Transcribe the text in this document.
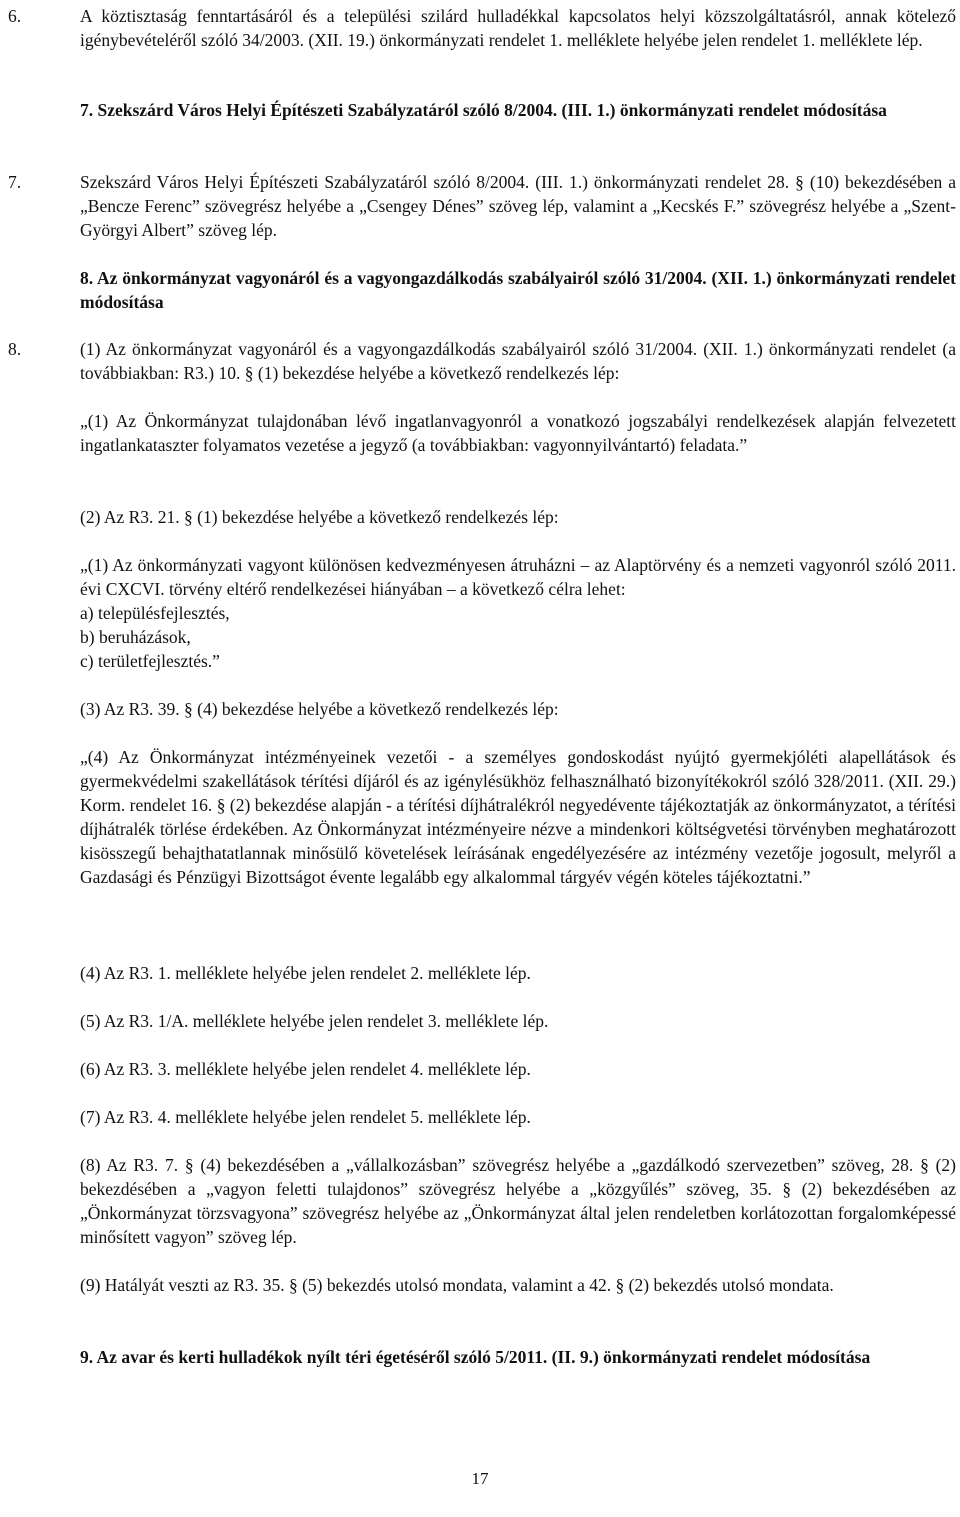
6.	A köztisztaság fenntartásáról és a települési szilárd hulladékkal kapcsolatos helyi közszolgáltatásról, annak kötelező igénybevételéről szóló 34/2003. (XII. 19.) önkormányzati rendelet 1. melléklete helyébe jelen rendelet 1. melléklete lép.

7. Szekszárd Város Helyi Építészeti Szabályzatáról szóló 8/2004. (III. 1.) önkormányzati rendelet módosítása

7.	Szekszárd Város Helyi Építészeti Szabályzatáról szóló 8/2004. (III. 1.) önkormányzati rendelet 28. § (10) bekezdésében a „Bencze Ferenc” szövegrész helyébe a „Csengey Dénes” szöveg lép, valamint a „Kecskés F.” szövegrész helyébe a „Szent-Györgyi Albert” szöveg lép.

8. Az önkormányzat vagyonáról és a vagyongazdálkodás szabályairól szóló 31/2004. (XII. 1.) önkormányzati rendelet módosítása

8.	(1) Az önkormányzat vagyonáról és a vagyongazdálkodás szabályairól szóló 31/2004. (XII. 1.) önkormányzati rendelet (a továbbiakban: R3.) 10. § (1) bekezdése helyébe a következő rendelkezés lép:

„(1) Az Önkormányzat tulajdonában lévő ingatlanvagyonról a vonatkozó jogszabályi rendelkezések alapján felvezetett ingatlankataszter folyamatos vezetése a jegyző (a továbbiakban: vagyonnyilvántartó) feladata.”

(2) Az R3. 21. § (1) bekezdése helyébe a következő rendelkezés lép:

„(1) Az önkormányzati vagyont különösen kedvezményesen átruházni – az Alaptörvény és a nemzeti vagyonról szóló 2011. évi CXCVI. törvény eltérő rendelkezései hiányában – a következő célra lehet:

a) településfejlesztés,

b) beruházások,

c) területfejlesztés.”

(3) Az R3. 39. § (4) bekezdése helyébe a következő rendelkezés lép:

„(4) Az Önkormányzat intézményeinek vezetői - a személyes gondoskodást nyújtó gyermekjóléti alapellátások és gyermekvédelmi szakellátások térítési díjáról és az igénylésükhöz felhasználható bizonyítékokról szóló 328/2011. (XII. 29.) Korm. rendelet 16. § (2) bekezdése alapján - a térítési díjhátralékról negyedévente tájékoztatják az önkormányzatot, a térítési díjhátralék törlése érdekében. Az Önkormányzat intézményeire nézve a mindenkori költségvetési törvényben meghatározott kisösszegű behajthatatlannak minősülő követelések leírásának engedélyezésére az intézmény vezetője jogosult, melyről a Gazdasági és Pénzügyi Bizottságot évente legalább egy alkalommal tárgyév végén köteles tájékoztatni.”

(4) Az R3. 1. melléklete helyébe jelen rendelet 2. melléklete lép.

(5) Az R3. 1/A. melléklete helyébe jelen rendelet 3. melléklete lép.

(6) Az R3. 3. melléklete helyébe jelen rendelet 4. melléklete lép.

(7) Az R3. 4. melléklete helyébe jelen rendelet 5. melléklete lép.

(8) Az R3. 7. § (4) bekezdésében a „vállalkozásban” szövegrész helyébe a „gazdálkodó szervezetben” szöveg, 28. § (2) bekezdésében a „vagyon feletti tulajdonos” szövegrész helyébe a „közgyűlés” szöveg, 35. § (2) bekezdésében az „Önkormányzat törzsvagyona” szövegrész helyébe az „Önkormányzat által jelen rendeletben korlátozottan forgalomképessé minősített vagyon” szöveg lép.

(9) Hatályát veszti az R3. 35. § (5) bekezdés utolsó mondata, valamint a 42. § (2) bekezdés utolsó mondata.

9. Az avar és kerti hulladékok nyílt téri égetéséről szóló 5/2011. (II. 9.) önkormányzati rendelet módosítása

17
